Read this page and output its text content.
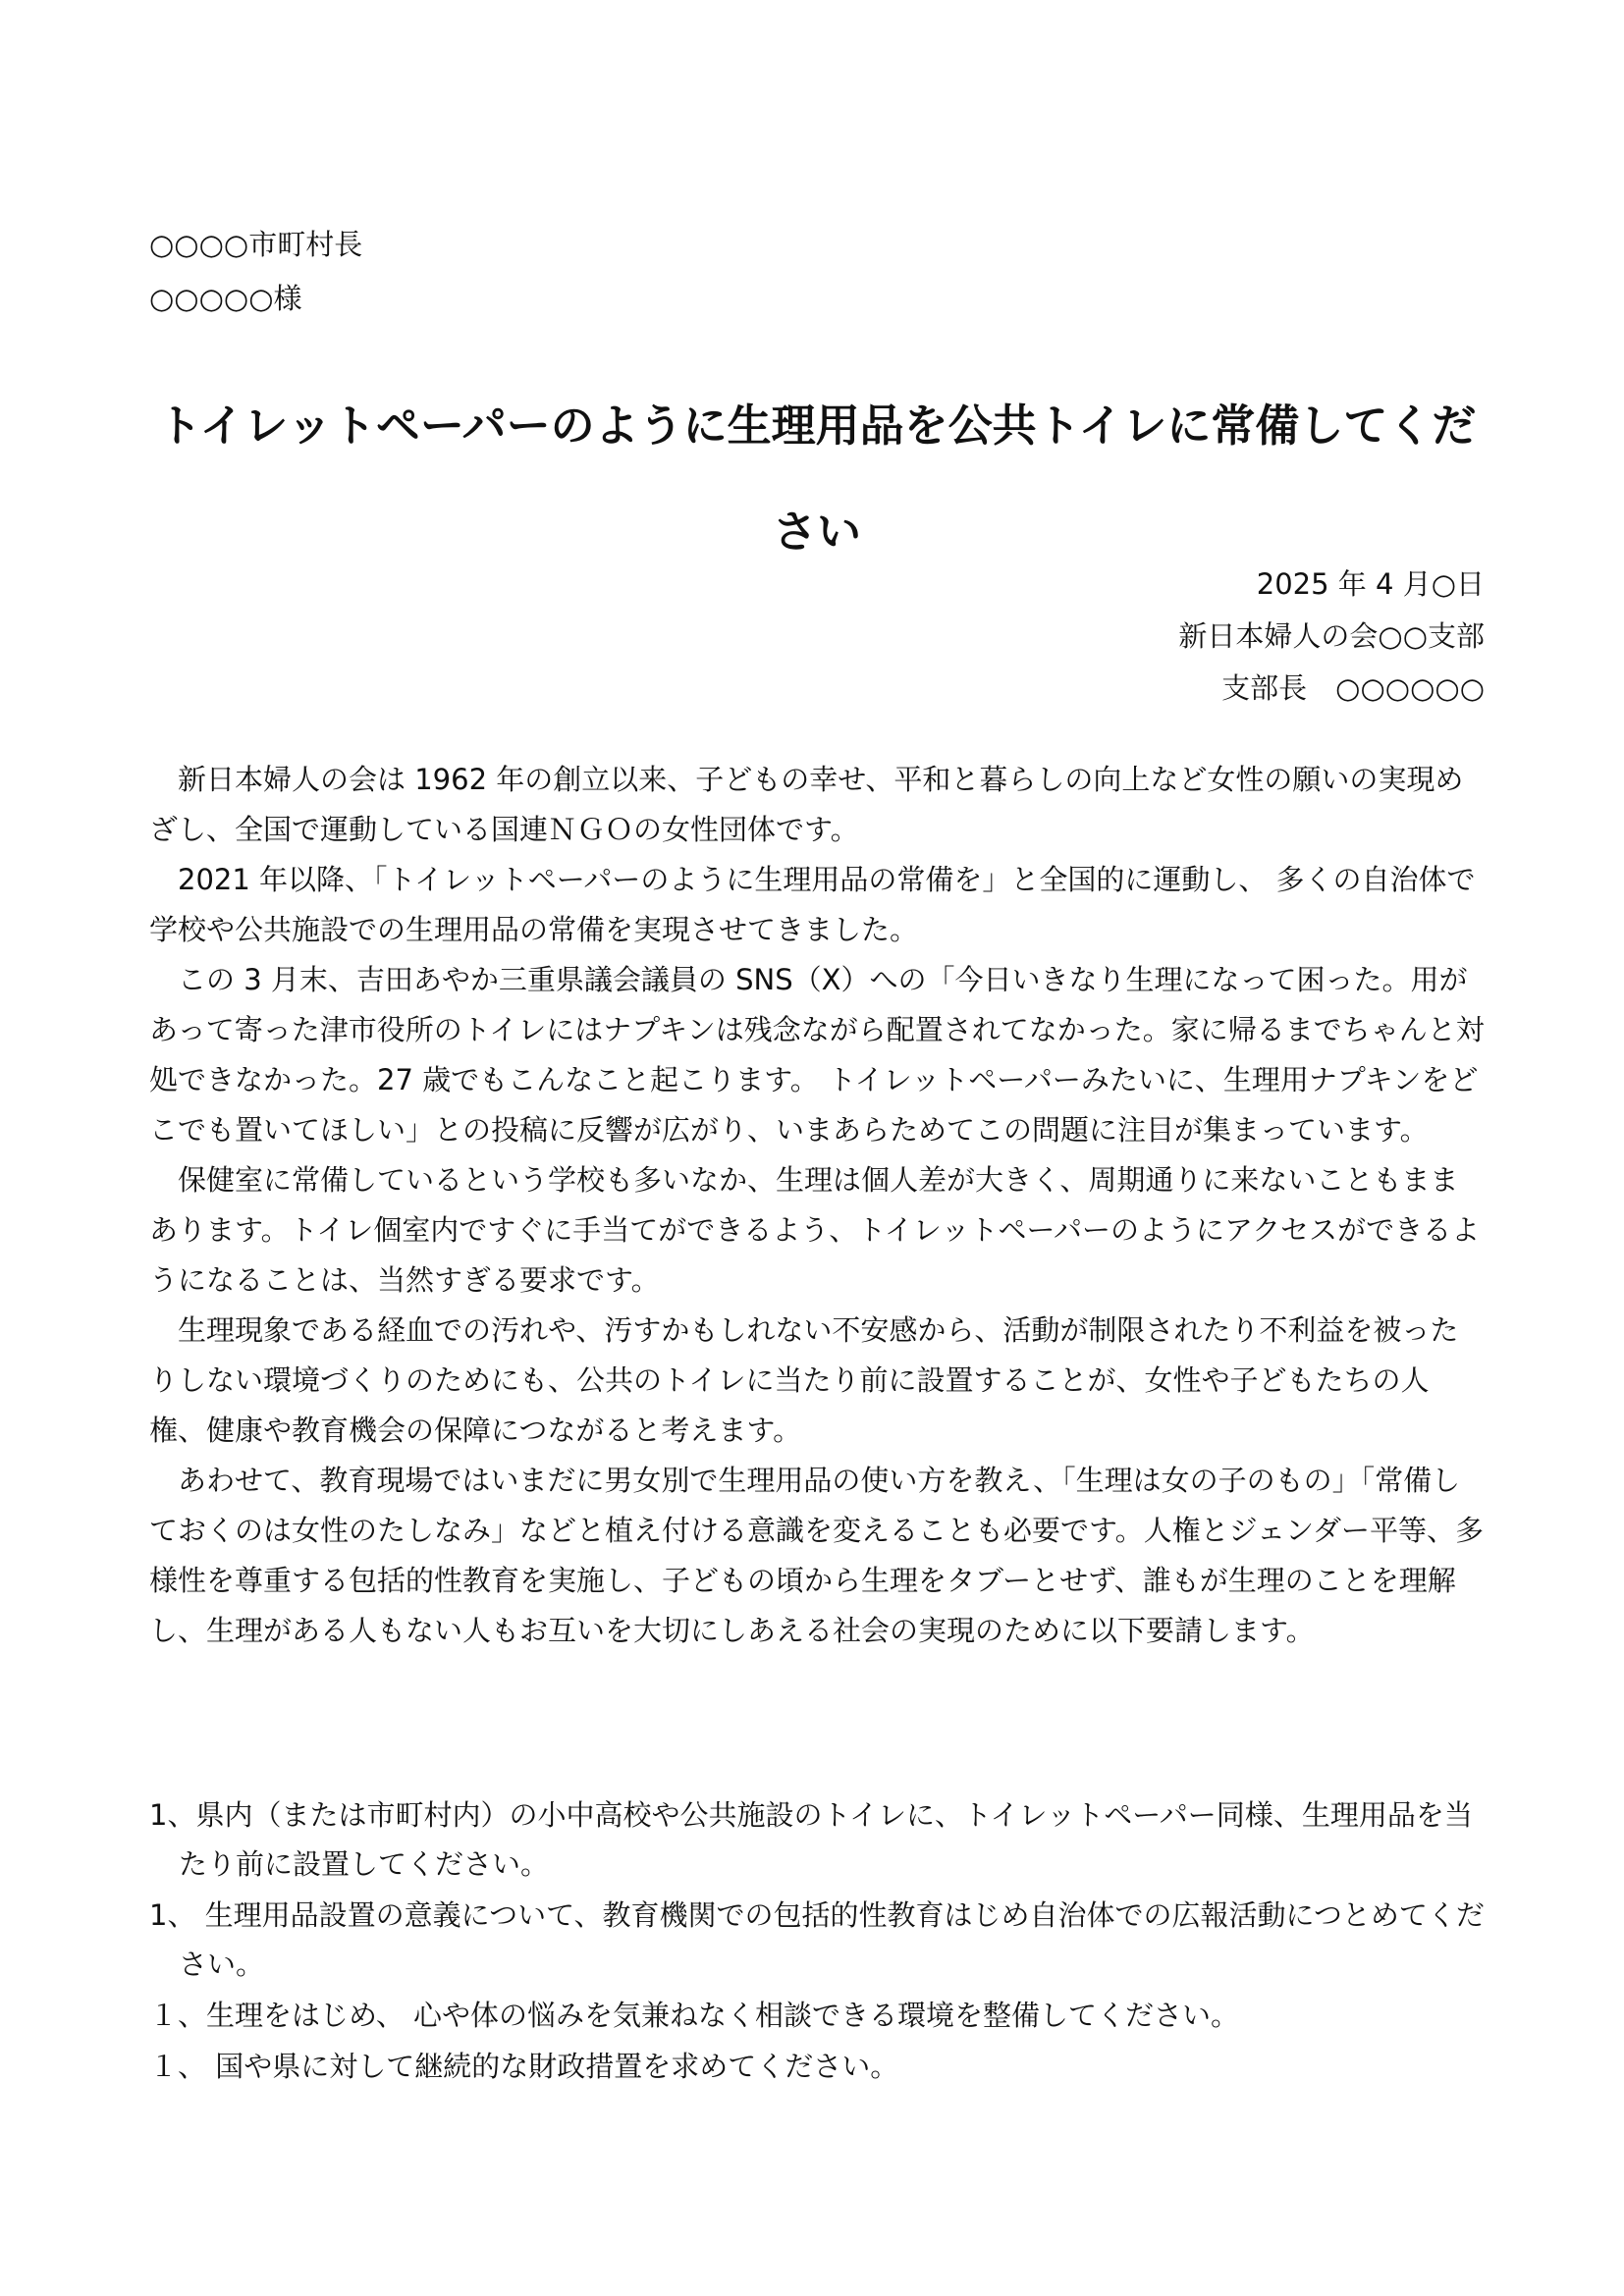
○○○○市町村長
○○○○○様
トイレットペーパーのように生理用品を公共トイレに常備してください
2025 年 4 月○日
新日本婦人の会○○支部
支部長　○○○○○○

新日本婦人の会は 1962 年の創立以来、子どもの幸せ、平和と暮らしの向上など女性の願いの実現めざし、全国で運動している国連ＮＧＯの女性団体です。

2021 年以降、「トイレットペーパーのように生理用品の常備を」と全国的に運動し、 多くの自治体で学校や公共施設での生理用品の常備を実現させてきました。

この 3 月末、吉田あやか三重県議会議員の SNS（X）への「今日いきなり生理になって困った。用があって寄った津市役所のトイレにはナプキンは残念ながら配置されてなかった。家に帰るまでちゃんと対処できなかった。27 歳でもこんなこと起こります。 トイレットペーパーみたいに、生理用ナプキンをどこでも置いてほしい」との投稿に反響が広がり、いまあらためてこの問題に注目が集まっています。

保健室に常備しているという学校も多いなか、生理は個人差が大きく、周期通りに来ないこともままあります。トイレ個室内ですぐに手当てができるよう、トイレットペーパーのようにアクセスができるようになることは、当然すぎる要求です。

生理現象である経血での汚れや、汚すかもしれない不安感から、活動が制限されたり不利益を被ったりしない環境づくりのためにも、公共のトイレに当たり前に設置することが、女性や子どもたちの人権、健康や教育機会の保障につながると考えます。

あわせて、教育現場ではいまだに男女別で生理用品の使い方を教え、「生理は女の子のもの」「常備しておくのは女性のたしなみ」などと植え付ける意識を変えることも必要です。人権とジェンダー平等、多様性を尊重する包括的性教育を実施し、子どもの頃から生理をタブーとせず、誰もが生理のことを理解し、生理がある人もない人もお互いを大切にしあえる社会の実現のために以下要請します。

1、県内（または市町村内）の小中高校や公共施設のトイレに、トイレットペーパー同様、生理用品を当たり前に設置してください。
1、 生理用品設置の意義について、教育機関での包括的性教育はじめ自治体での広報活動につとめてください。
１、生理をはじめ、 心や体の悩みを気兼ねなく相談できる環境を整備してください。
１、 国や県に対して継続的な財政措置を求めてください。
